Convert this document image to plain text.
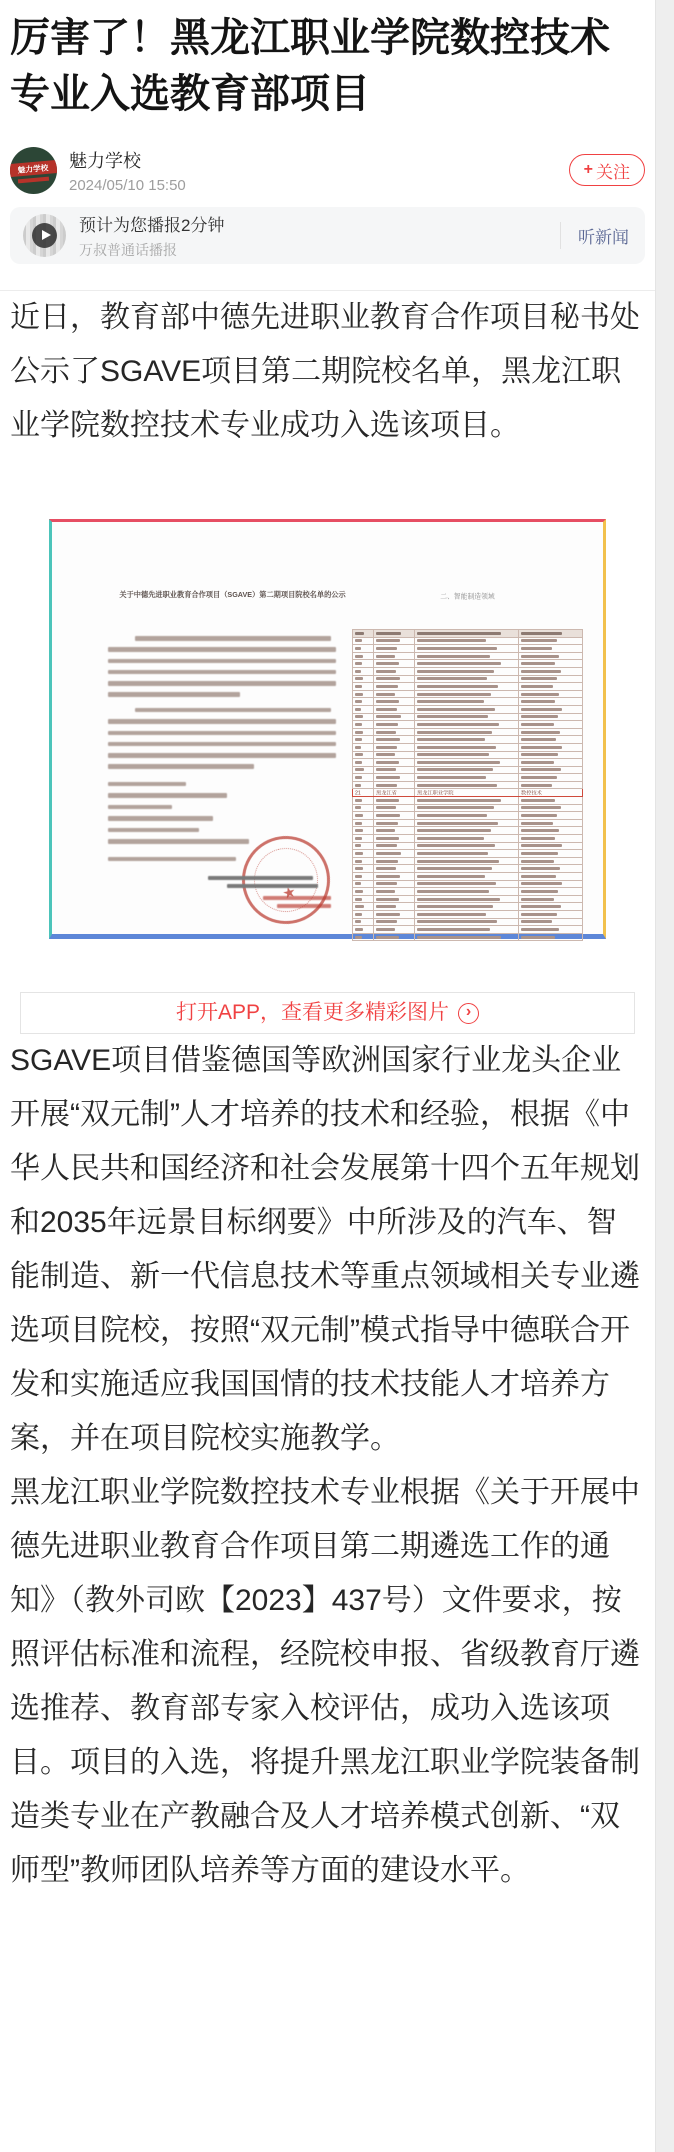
厉害了！黑龙江职业学院数控技术专业入选教育部项目
魅力学校 魅力学校
2024/05/10 15:50
+ 关注
预计为您播报2分钟
万叔普通话播报
听新闻

近日，教育部中德先进职业教育合作项目秘书处公示了SGAVE项目第二期院校名单，黑龙江职业学院数控技术专业成功入选该项目。

关于中德先进职业教育合作项目（SGAVE）第二期项目院校名单的公示
★	二、智能制造领域

21	黑龙江省	黑龙江职业学院	数控技术

打开APP，查看更多精彩图片	›

SGAVE项目借鉴德国等欧洲国家行业龙头企业开展“双元制”人才培养的技术和经验，根据《中华人民共和国经济和社会发展第十四个五年规划和2035年远景目标纲要》中所涉及的汽车、智能制造、新一代信息技术等重点领域相关专业遴选项目院校，按照“双元制”模式指导中德联合开发和实施适应我国国情的技术技能人才培养方案，并在项目院校实施教学。

黑龙江职业学院数控技术专业根据《关于开展中德先进职业教育合作项目第二期遴选工作的通知》（教外司欧【2023】437号）文件要求，按照评估标准和流程，经院校申报、省级教育厅遴选推荐、教育部专家入校评估，成功入选该项目。项目的入选，将提升黑龙江职业学院装备制造类专业在产教融合及人才培养模式创新、“双师型”教师团队培养等方面的建设水平。
